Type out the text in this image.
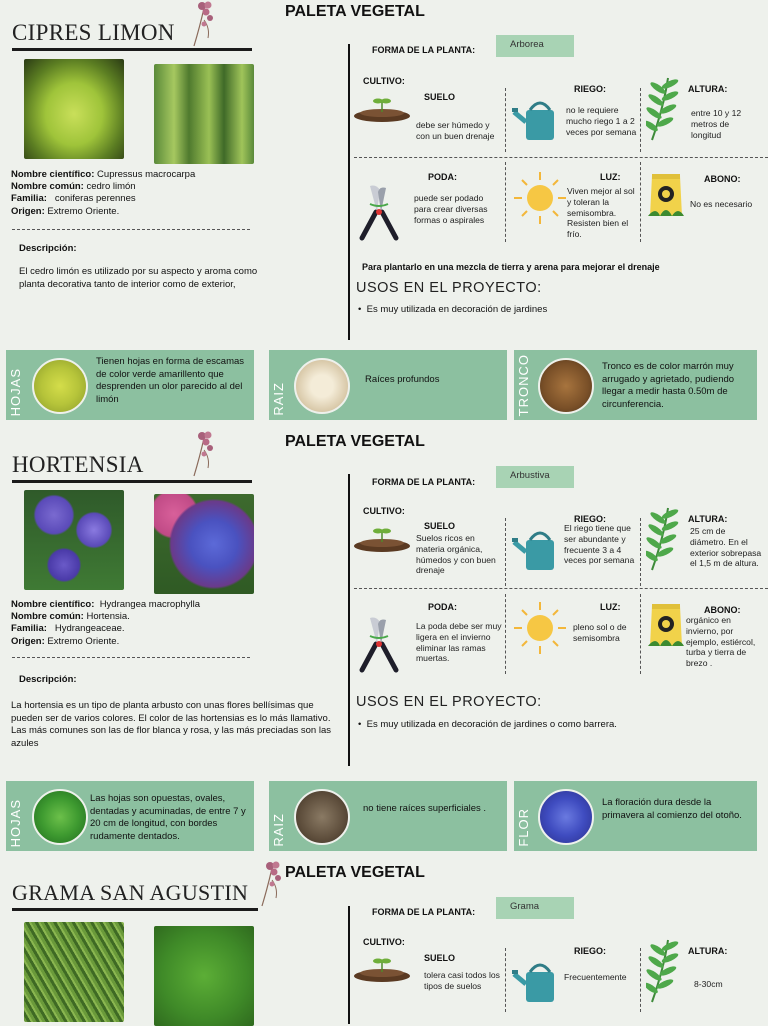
CIPRES LIMON
PALETA VEGETAL
Nombre científico: Cupressus macrocarpa
Nombre común: cedro limón
Familia: coniferas perennes
Origen: Extremo Oriente.
Descripción:
El cedro limón es utilizado por su aspecto y aroma como planta decorativa tanto de interior como de exterior,
FORMA DE LA PLANTA:	Arborea
CULTIVO:
SUELO
debe ser húmedo y con un buen drenaje
RIEGO:
no le requiere mucho riego 1 a 2 veces por semana
ALTURA:
entre 10 y 12 metros de longitud
PODA:
puede ser podado para crear diversas formas o aspirales
LUZ:
Viven mejor al sol y toleran la semisombra. Resisten bien el frío.
ABONO:
No es necesario
Para plantarlo en una mezcla de tierra y arena para mejorar el drenaje
USOS EN EL PROYECTO:
•  Es muy utilizada en decoración de jardines
HOJAS
Tienen hojas en forma de escamas de color verde amarillento que desprenden un olor parecido al del limón	RAIZ
Raíces profundos	TRONCO	Tronco es de color marrón muy arrugado y agrietado, pudiendo llegar a medir hasta 0.50m de circunferencia.
HORTENSIA
PALETA VEGETAL
Nombre científico: Hydrangea macrophylla
Nombre común: Hortensia.
Familia: Hydrangeaceae.
Origen: Extremo Oriente.
Descripción:
La hortensia es un tipo de planta arbusto con unas flores bellísimas que pueden ser de varios colores. El color de las hortensias es lo más llamativo. Las más comunes son las de flor blanca y rosa, y las más preciadas son las azules
FORMA DE LA PLANTA:
Arbustiva
CULTIVO:
SUELO
Suelos ricos en materia orgánica, húmedos y con buen drenaje
RIEGO:
El riego tiene que ser abundante y frecuente 3 a 4 veces por semana
ALTURA:
25 cm de diámetro. En el exterior sobrepasa el 1,5 m de altura.
PODA:
La poda debe ser muy ligera en el invierno eliminar las ramas muertas.
LUZ:
pleno sol o de semisombra
ABONO:
orgánico en invierno, por ejemplo, estiércol, turba y tierra de brezo .
USOS EN EL PROYECTO:
•  Es muy utilizada en decoración de jardines o como barrera.
HOJAS
Las hojas son opuestas, ovales, dentadas y acuminadas, de entre 7 y 20 cm de longitud, con bordes rudamente dentados.	RAIZ
no tiene raíces superficiales .	FLOR
La floración dura desde la primavera al comienzo del otoño.
GRAMA SAN AGUSTIN
PALETA VEGETAL
FORMA DE LA PLANTA:	Grama
CULTIVO:
SUELO
tolera casi todos los tipos de suelos
RIEGO:
Frecuentemente
ALTURA:
8-30cm
